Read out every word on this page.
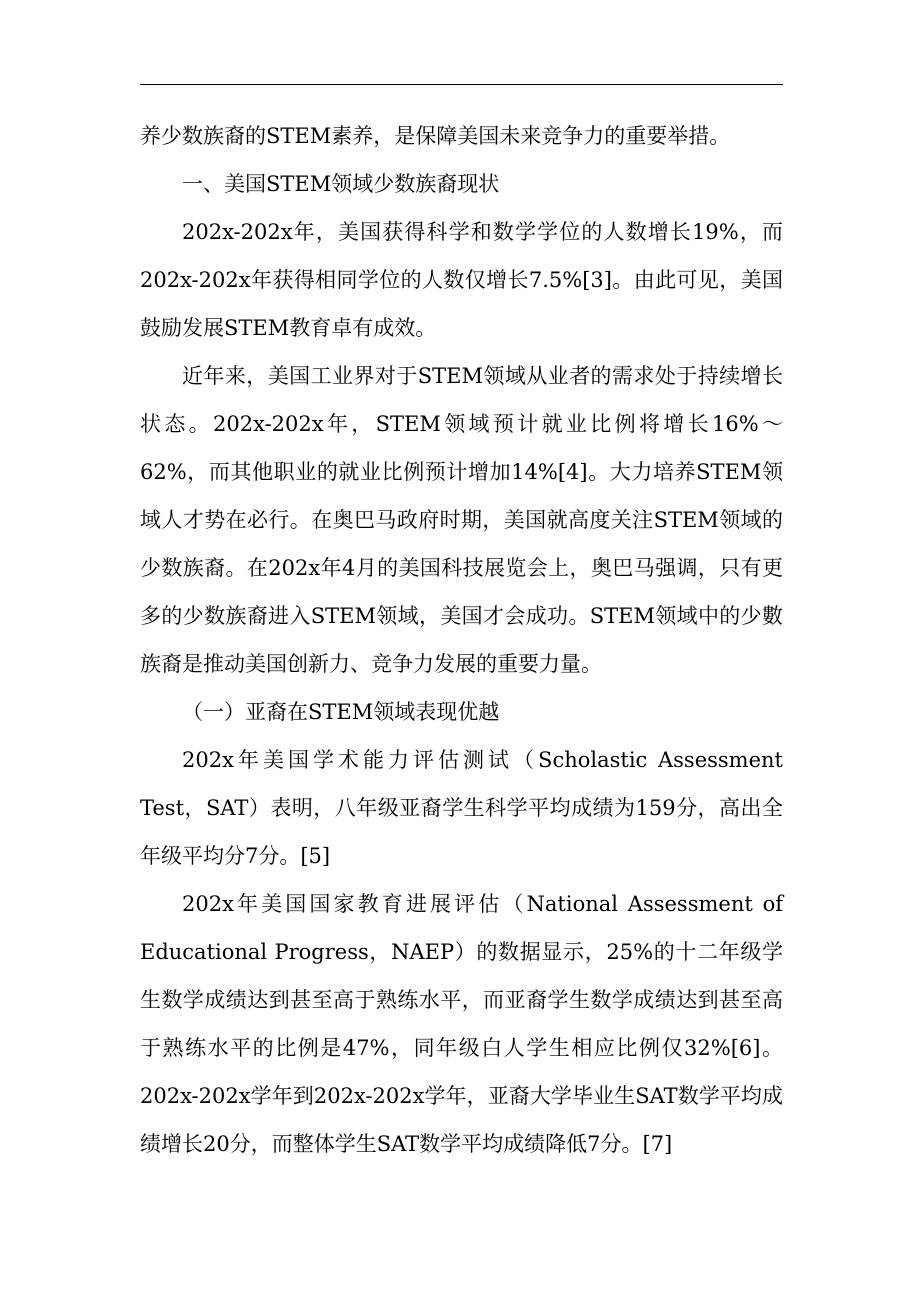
养少数族裔的STEM素养，是保障美国未来竞争力的重要举措。

一、美国STEM领域少数族裔现状

202x-202x年，美国获得科学和数学学位的人数增长19%，而202x-202x年获得相同学位的人数仅增长7.5%[3]。由此可见，美国鼓励发展STEM教育卓有成效。

近年来，美国工业界对于STEM领域从业者的需求处于持续增长状态。202x-202x年，STEM领域预计就业比例将增长16%～62%，而其他职业的就业比例预计增加14%[4]。大力培养STEM领域人才势在必行。在奥巴马政府时期，美国就高度关注STEM领域的少数族裔。在202x年4月的美国科技展览会上，奥巴马强调，只有更多的少数族裔进入STEM领域，美国才会成功。STEM领域中的少數族裔是推动美国创新力、竞争力发展的重要力量。

（一）亚裔在STEM领域表现优越

202x年美国学术能力评估测试（Scholastic Assessment Test，SAT）表明，八年级亚裔学生科学平均成绩为159分，高出全年级平均分7分。[5]

202x年美国国家教育进展评估（National Assessment of Educational Progress，NAEP）的数据显示，25%的十二年级学生数学成绩达到甚至高于熟练水平，而亚裔学生数学成绩达到甚至高于熟练水平的比例是47%，同年级白人学生相应比例仅32%[6]。202x-202x学年到202x-202x学年，亚裔大学毕业生SAT数学平均成绩增长20分，而整体学生SAT数学平均成绩降低7分。[7]
